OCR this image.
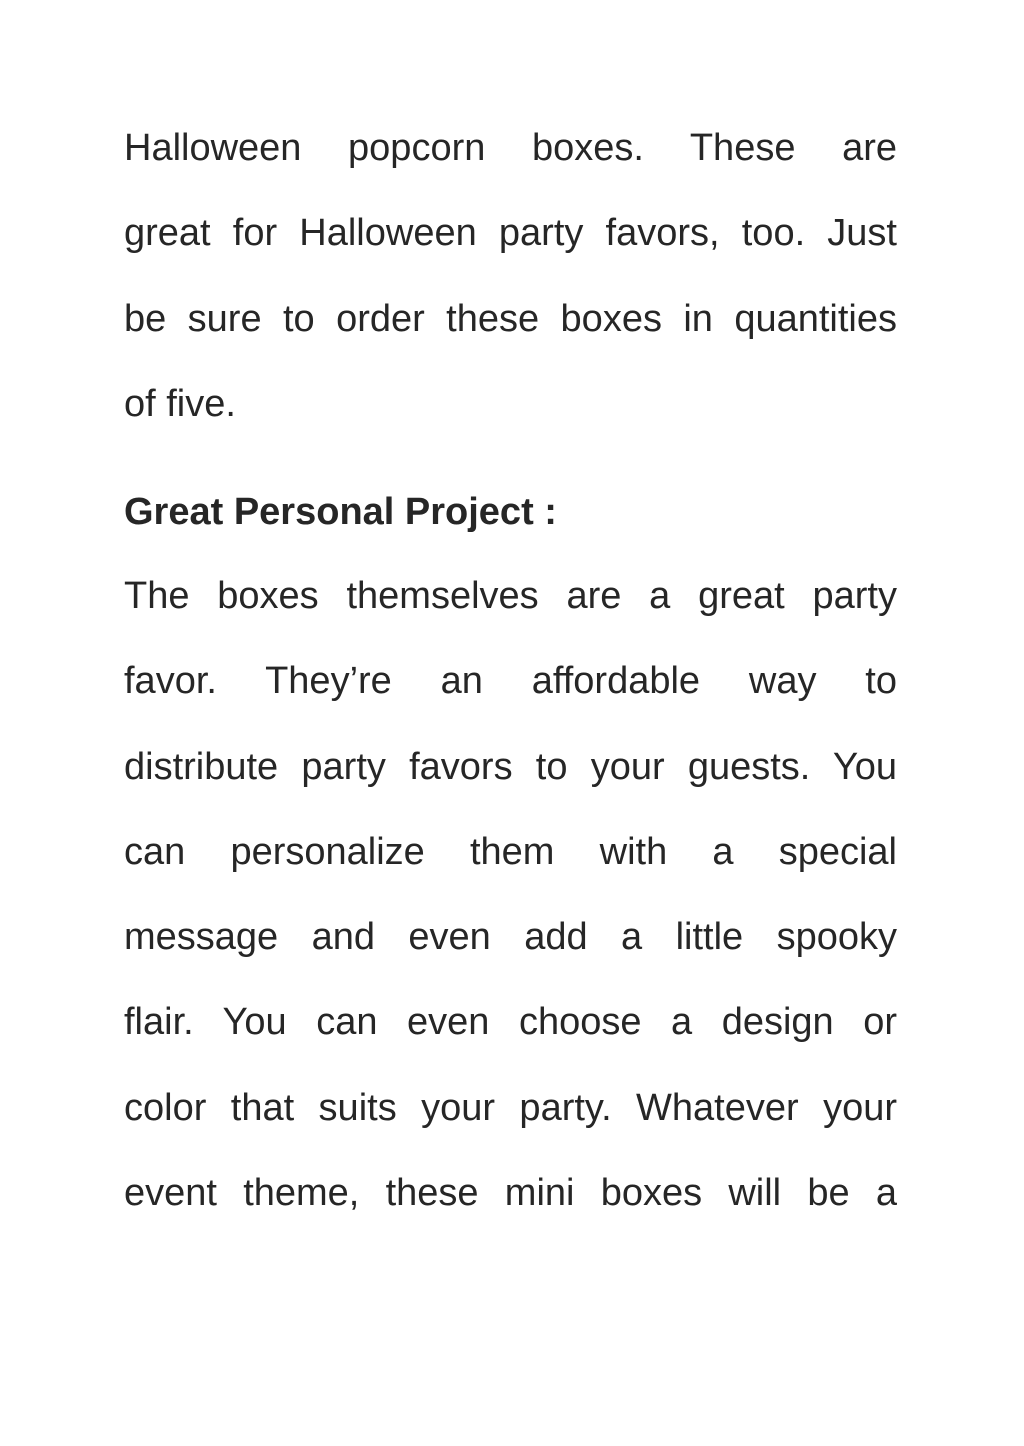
Halloween popcorn boxes. These are
great for Halloween party favors, too. Just
be sure to order these boxes in quantities
of five.
Great Personal Project :
The boxes themselves are a great party
favor. They’re an affordable way to
distribute party favors to your guests. You
can personalize them with a special
message and even add a little spooky
flair. You can even choose a design or
color that suits your party. Whatever your
event theme, these mini boxes will be a
